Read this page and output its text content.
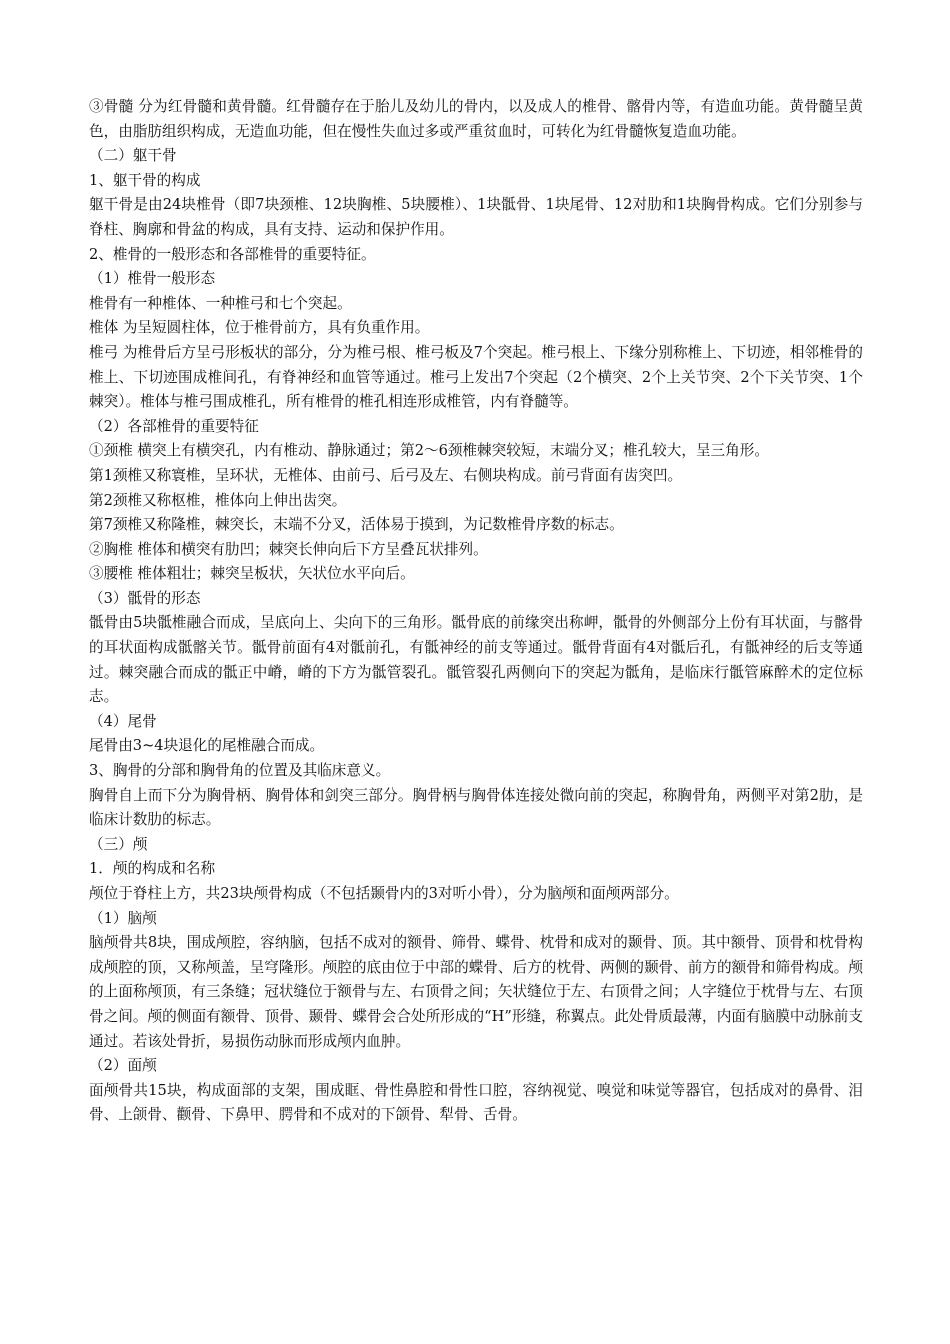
③骨髓 分为红骨髓和黄骨髓。红骨髓存在于胎儿及幼儿的骨内，以及成人的椎骨、髂骨内等，有造血功能。黄骨髓呈黄色，由脂肪组织构成，无造血功能，但在慢性失血过多或严重贫血时，可转化为红骨髓恢复造血功能。

（二）躯干骨

1、躯干骨的构成

躯干骨是由24块椎骨（即7块颈椎、12块胸椎、5块腰椎）、1块骶骨、1块尾骨、12对肋和1块胸骨构成。它们分别参与脊柱、胸廓和骨盆的构成，具有支持、运动和保护作用。

2、椎骨的一般形态和各部椎骨的重要特征。

（1）椎骨一般形态

椎骨有一种椎体、一种椎弓和七个突起。

椎体 为呈短圆柱体，位于椎骨前方，具有负重作用。

椎弓 为椎骨后方呈弓形板状的部分，分为椎弓根、椎弓板及7个突起。椎弓根上、下缘分别称椎上、下切迹，相邻椎骨的椎上、下切迹围成椎间孔，有脊神经和血管等通过。椎弓上发出7个突起（2个横突、2个上关节突、2个下关节突、1个棘突）。椎体与椎弓围成椎孔，所有椎骨的椎孔相连形成椎管，内有脊髓等。

（2）各部椎骨的重要特征

①颈椎 横突上有横突孔，内有椎动、静脉通过；第2～6颈椎棘突较短，末端分叉；椎孔较大，呈三角形。

第1颈椎又称寰椎，呈环状，无椎体、由前弓、后弓及左、右侧块构成。前弓背面有齿突凹。

第2颈椎又称枢椎，椎体向上伸出齿突。

第7颈椎又称隆椎，棘突长，末端不分叉，活体易于摸到，为记数椎骨序数的标志。

②胸椎 椎体和横突有肋凹；棘突长伸向后下方呈叠瓦状排列。

③腰椎 椎体粗壮；棘突呈板状，矢状位水平向后。

（3）骶骨的形态

骶骨由5块骶椎融合而成，呈底向上、尖向下的三角形。骶骨底的前缘突出称岬，骶骨的外侧部分上份有耳状面，与髂骨的耳状面构成骶髂关节。骶骨前面有4对骶前孔，有骶神经的前支等通过。骶骨背面有4对骶后孔，有骶神经的后支等通过。棘突融合而成的骶正中嵴，嵴的下方为骶管裂孔。骶管裂孔两侧向下的突起为骶角，是临床行骶管麻醉术的定位标志。

（4）尾骨

尾骨由3~4块退化的尾椎融合而成。

3、胸骨的分部和胸骨角的位置及其临床意义。

胸骨自上而下分为胸骨柄、胸骨体和剑突三部分。胸骨柄与胸骨体连接处微向前的突起，称胸骨角，两侧平对第2肋，是临床计数肋的标志。

（三）颅

1．颅的构成和名称

颅位于脊柱上方，共23块颅骨构成（不包括颞骨内的3对听小骨），分为脑颅和面颅两部分。

（1）脑颅

脑颅骨共8块，围成颅腔，容纳脑，包括不成对的额骨、筛骨、蝶骨、枕骨和成对的颞骨、顶。其中额骨、顶骨和枕骨构成颅腔的顶，又称颅盖，呈穹隆形。颅腔的底由位于中部的蝶骨、后方的枕骨、两侧的颞骨、前方的额骨和筛骨构成。颅的上面称颅顶，有三条缝；冠状缝位于额骨与左、右顶骨之间；矢状缝位于左、右顶骨之间；人字缝位于枕骨与左、右顶骨之间。颅的侧面有额骨、顶骨、颞骨、蝶骨会合处所形成的“H”形缝，称翼点。此处骨质最薄，内面有脑膜中动脉前支通过。若该处骨折，易损伤动脉而形成颅内血肿。

（2）面颅

面颅骨共15块，构成面部的支架，围成眶、骨性鼻腔和骨性口腔，容纳视觉、嗅觉和味觉等器官，包括成对的鼻骨、泪骨、上颌骨、颧骨、下鼻甲、腭骨和不成对的下颌骨、犁骨、舌骨。
